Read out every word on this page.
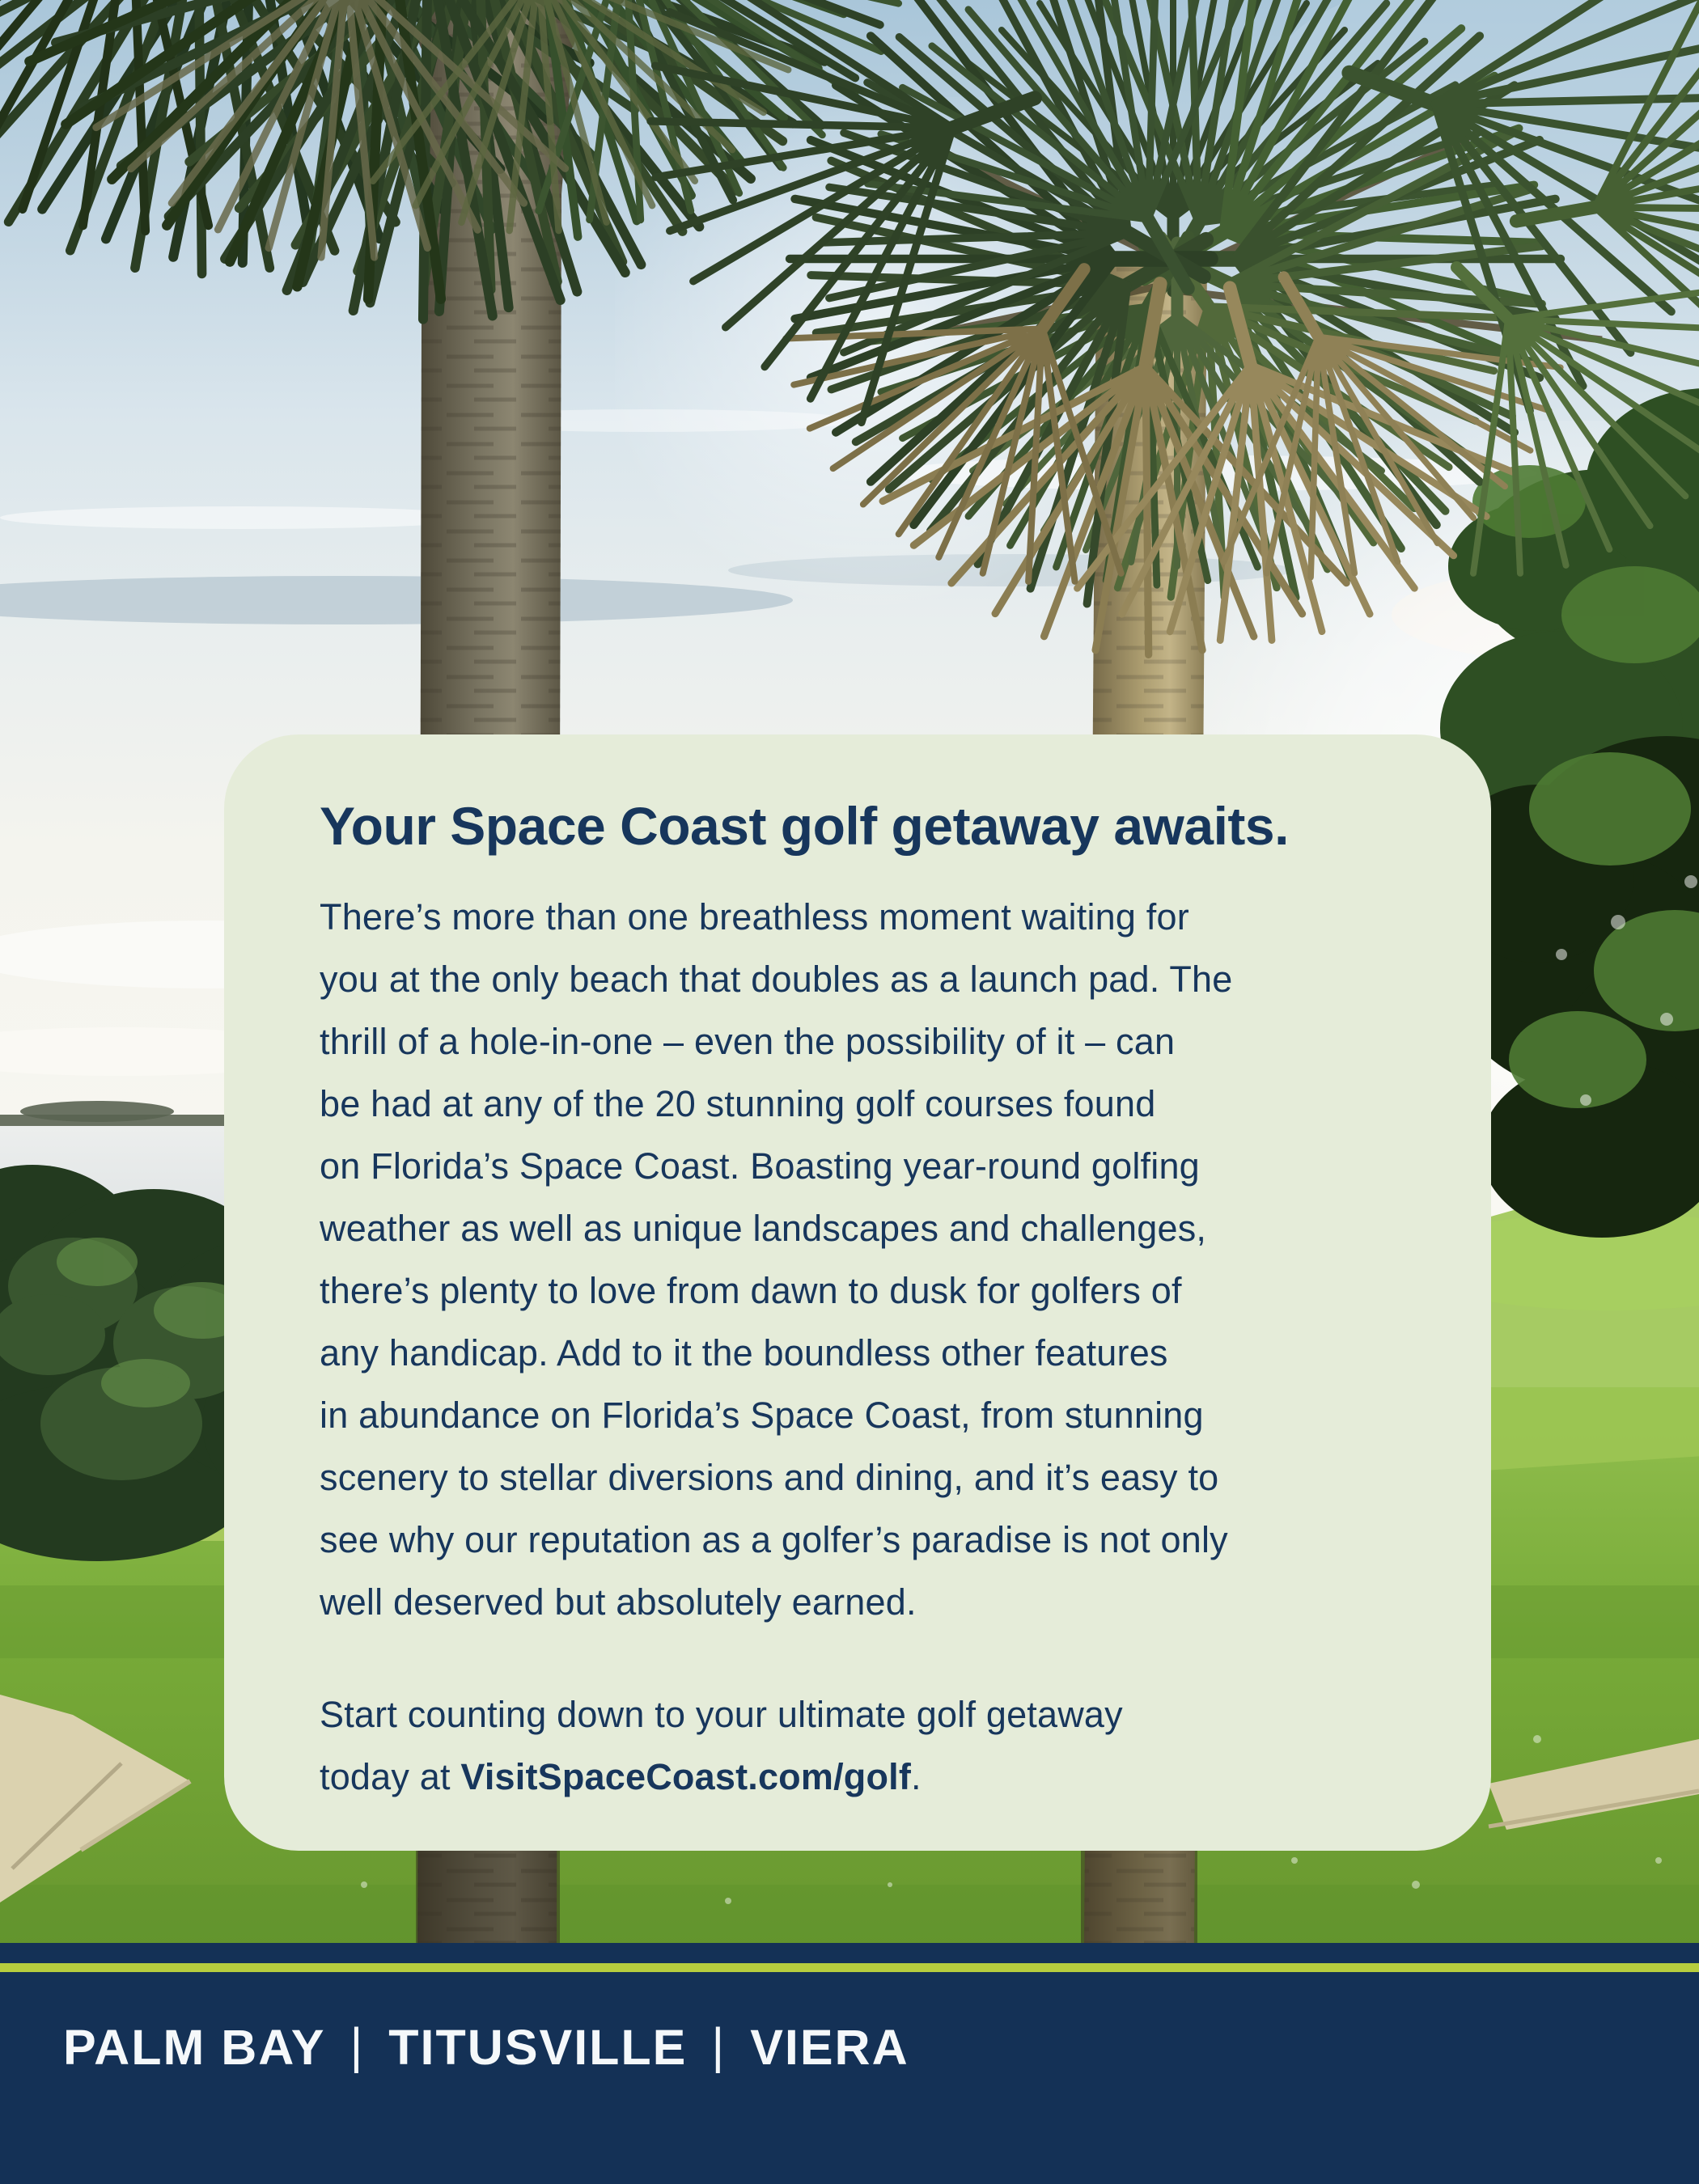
Your Space Coast golf getaway awaits.
There’s more than one breathless moment waiting for
you at the only beach that doubles as a launch pad. The
thrill of a hole-in-one – even the possibility of it – can
be had at any of the 20 stunning golf courses found
on Florida’s Space Coast. Boasting year-round golfing
weather as well as unique landscapes and challenges,
there’s plenty to love from dawn to dusk for golfers of
any handicap. Add to it the boundless other features
in abundance on Florida’s Space Coast, from stunning
scenery to stellar diversions and dining, and it’s easy to
see why our reputation as a golfer’s paradise is not only
well deserved but absolutely earned.
Start counting down to your ultimate golf getaway
today at VisitSpaceCoast.com/golf.
PALM BAY | TITUSVILLE | VIERA
